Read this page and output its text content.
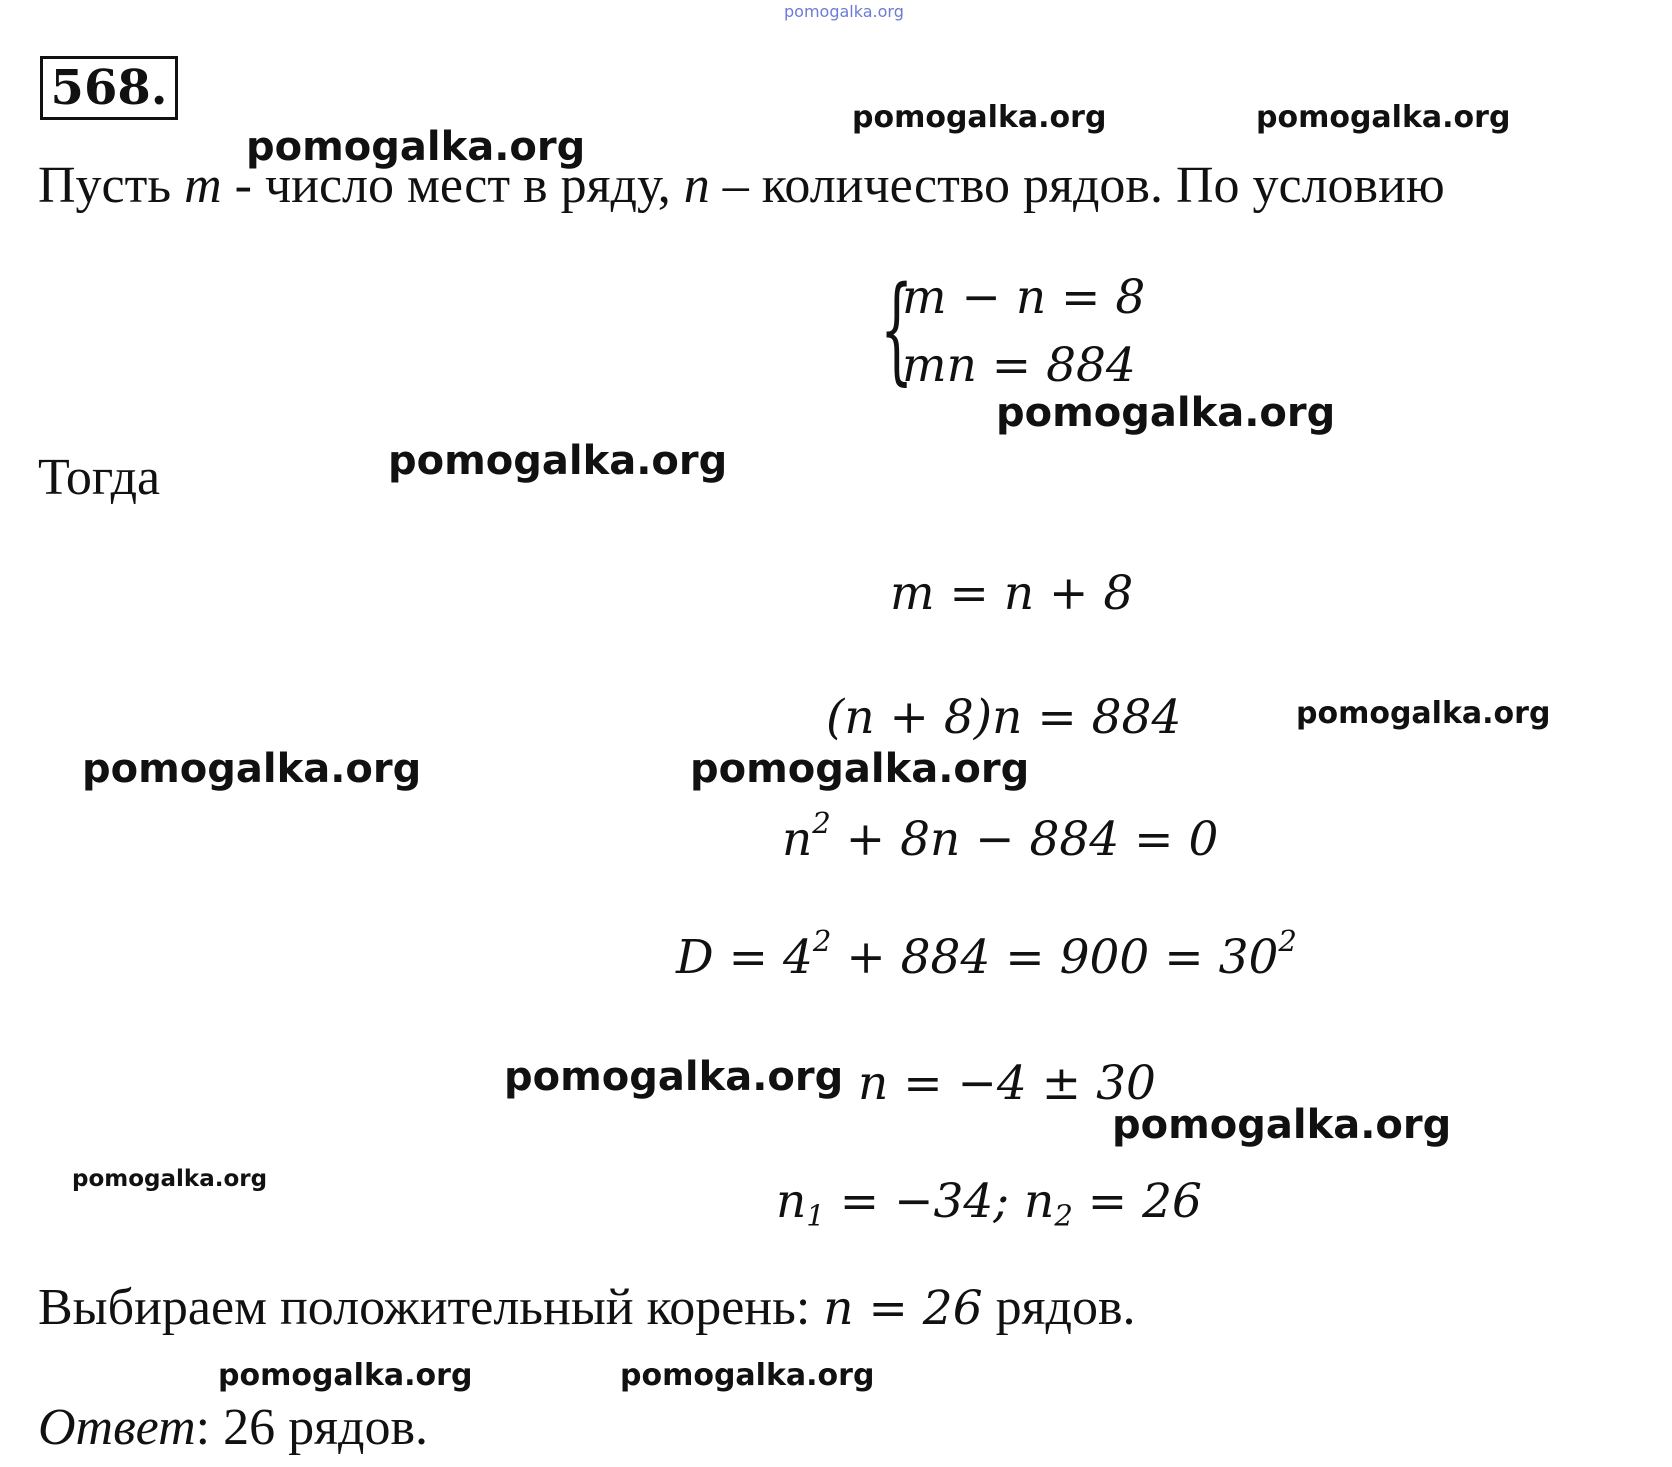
pomogalka.org
568.
Пусть m - число мест в ряду, n – количество рядов. По условию
{
m − n = 8
mn = 884
Тогда
m = n + 8
(n + 8)n = 884
$n^2 + 8n - 884 = 0$
$D = 4^2 + 884 = 900 = 30^2$
n = −4 ± 30
$n_1 = -34$; $n_2 = 26$
Выбираем положительный корень: n = 26 рядов.
Ответ: 26 рядов.
pomogalka.org	pomogalka.org
pomogalka.org
pomogalka.org
pomogalka.org
pomogalka.org
pomogalka.org	pomogalka.org
pomogalka.org
pomogalka.org
pomogalka.org
pomogalka.org	pomogalka.org
